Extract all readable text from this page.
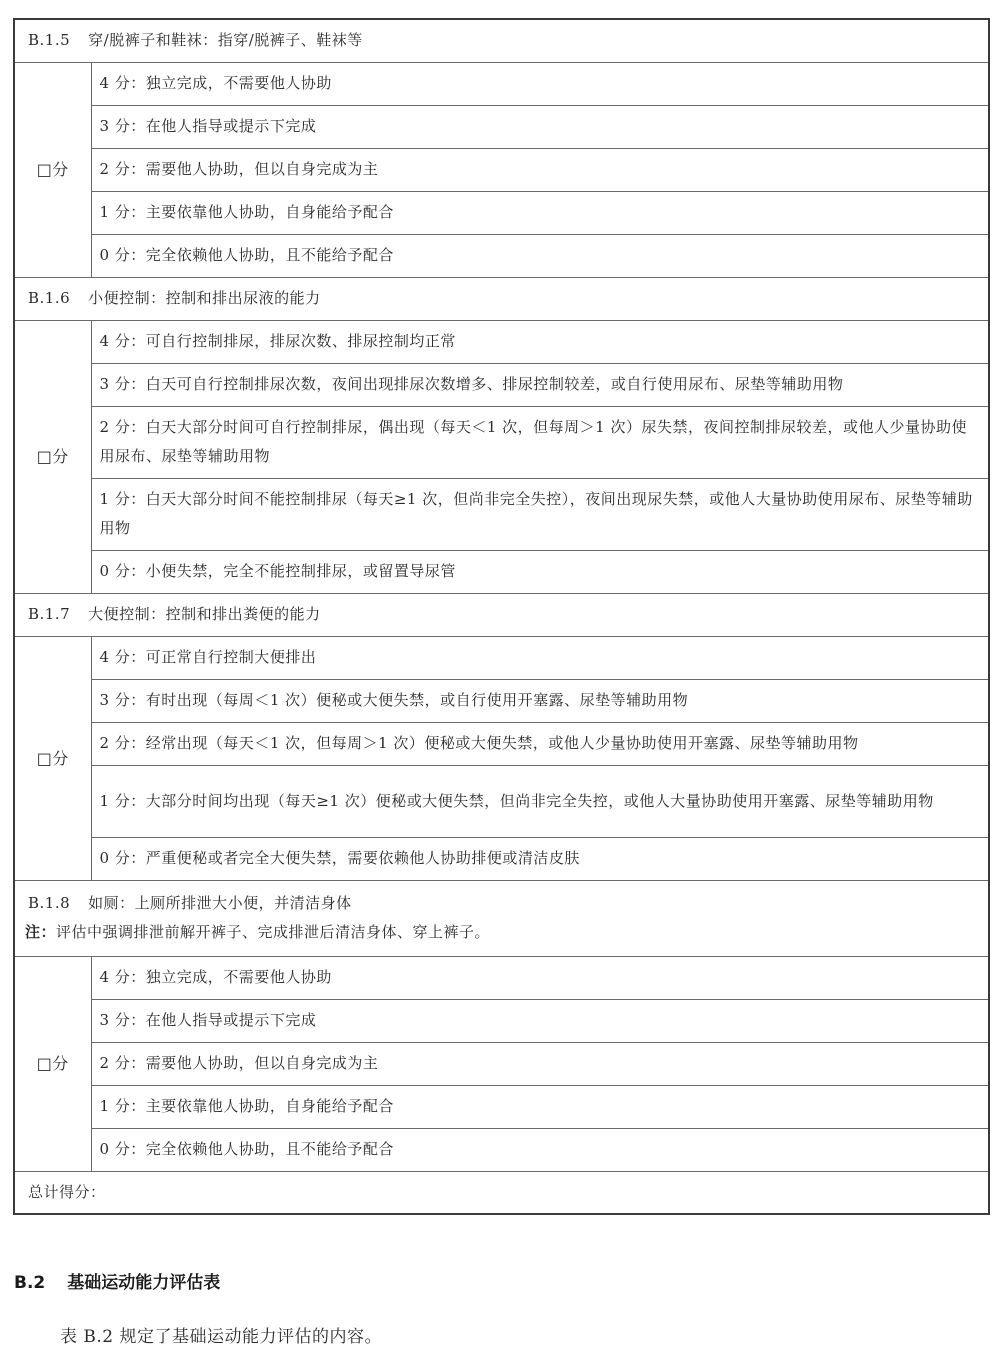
B.1.5 穿/脱裤子和鞋袜：指穿/脱裤子、鞋袜等	
□分	4 分：独立完成，不需要他人协助
	3 分：在他人指导或提示下完成
	2 分：需要他人协助，但以自身完成为主
	1 分：主要依靠他人协助，自身能给予配合
	0 分：完全依赖他人协助，且不能给予配合
B.1.6 小便控制：控制和排出尿液的能力	
□分	4 分：可自行控制排尿，排尿次数、排尿控制均正常
	3 分：白天可自行控制排尿次数，夜间出现排尿次数增多、排尿控制较差，或自行使用尿布、尿垫等辅助用物
	2 分：白天大部分时间可自行控制排尿，偶出现（每天＜1 次，但每周＞1 次）尿失禁，夜间控制排尿较差，或他人少量协助使用尿布、尿垫等辅助用物
	1 分：白天大部分时间不能控制排尿（每天≥1 次，但尚非完全失控），夜间出现尿失禁，或他人大量协助使用尿布、尿垫等辅助用物
	0 分：小便失禁，完全不能控制排尿，或留置导尿管
B.1.7 大便控制：控制和排出粪便的能力	
□分	4 分：可正常自行控制大便排出
	3 分：有时出现（每周＜1 次）便秘或大便失禁，或自行使用开塞露、尿垫等辅助用物
	2 分：经常出现（每天＜1 次，但每周＞1 次）便秘或大便失禁，或他人少量协助使用开塞露、尿垫等辅助用物
	1 分：大部分时间均出现（每天≥1 次）便秘或大便失禁，但尚非完全失控，或他人大量协助使用开塞露、尿垫等辅助用物
	0 分：严重便秘或者完全大便失禁，需要依赖他人协助排便或清洁皮肤

B.1.8 如厕：上厕所排泄大小便，并清洁身体
注：评估中强调排泄前解开裤子、完成排泄后清洁身体、穿上裤子。	

□分	4 分：独立完成，不需要他人协助
	3 分：在他人指导或提示下完成
	2 分：需要他人协助，但以自身完成为主
	1 分：主要依靠他人协助，自身能给予配合
	0 分：完全依赖他人协助，且不能给予配合
总计得分：	
B.2 基础运动能力评估表
表 B.2 规定了基础运动能力评估的内容。
